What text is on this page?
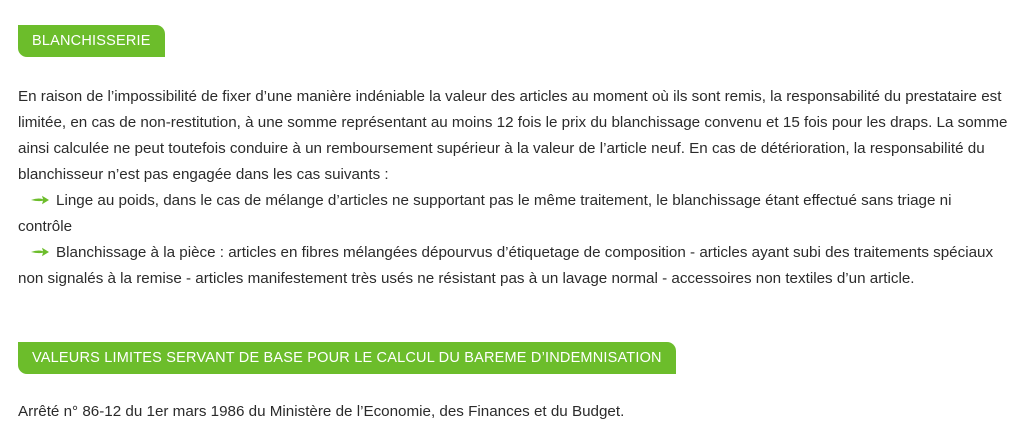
BLANCHISSERIE
En raison de l’impossibilité de fixer d’une manière indéniable la valeur des articles au moment où ils sont remis, la responsabilité du prestataire est limitée, en cas de non-restitution, à une somme représentant au moins 12 fois le prix du blanchissage convenu et 15 fois pour les draps. La somme ainsi calculée ne peut toutefois conduire à un remboursement supérieur à la valeur de l’article neuf. En cas de détérioration, la responsabilité du blanchisseur n’est pas engagée dans les cas suivants :
Linge au poids, dans le cas de mélange d’articles ne supportant pas le même traitement, le blanchissage étant effectué sans triage ni contrôle
Blanchissage à la pièce : articles en fibres mélangées dépourvus d’étiquetage de composition - articles ayant subi des traitements spéciaux non signalés à la remise - articles manifestement très usés ne résistant pas à un lavage normal - accessoires non textiles d’un article.
VALEURS LIMITES SERVANT DE BASE POUR LE CALCUL DU BAREME D’INDEMNISATION

Arrêté n° 86-12 du 1er mars 1986 du Ministère de l’Economie, des Finances et du Budget.
